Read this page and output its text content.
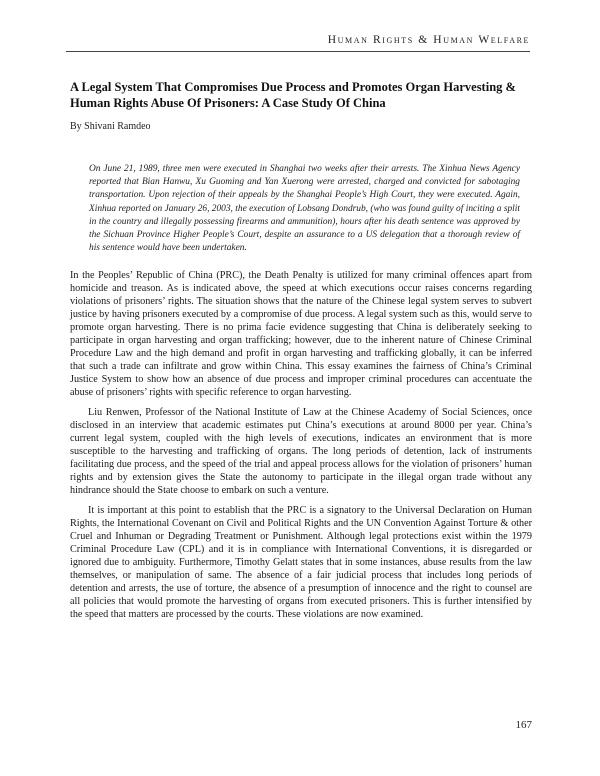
Human Rights & Human Welfare
A Legal System That Compromises Due Process and Promotes Organ Harvesting & Human Rights Abuse Of Prisoners: A Case Study Of China
By Shivani Ramdeo

On June 21, 1989, three men were executed in Shanghai two weeks after their arrests. The Xinhua News Agency reported that Bian Hanwu, Xu Guoming and Yan Xuerong were arrested, charged and convicted for sabotaging transportation. Upon rejection of their appeals by the Shanghai People’s High Court, they were executed. Again, Xinhua reported on January 26, 2003, the execution of Lobsang Dondrub, (who was found guilty of inciting a split in the country and illegally possessing firearms and ammunition), hours after his death sentence was approved by the Sichuan Province Higher People’s Court, despite an assurance to a US delegation that a thorough review of his sentence would have been undertaken.

In the Peoples’ Republic of China (PRC), the Death Penalty is utilized for many criminal offences apart from homicide and treason. As is indicated above, the speed at which executions occur raises concerns regarding violations of prisoners’ rights. The situation shows that the nature of the Chinese legal system serves to subvert justice by having prisoners executed by a compromise of due process. A legal system such as this, would serve to promote organ harvesting. There is no prima facie evidence suggesting that China is deliberately seeking to participate in organ harvesting and organ trafficking; however, due to the inherent nature of Chinese Criminal Procedure Law and the high demand and profit in organ harvesting and trafficking globally, it can be inferred that such a trade can infiltrate and grow within China. This essay examines the fairness of China’s Criminal Justice System to show how an absence of due process and improper criminal procedures can accentuate the abuse of prisoners’ rights with specific reference to organ harvesting.

Liu Renwen, Professor of the National Institute of Law at the Chinese Academy of Social Sciences, once disclosed in an interview that academic estimates put China’s executions at around 8000 per year. China’s current legal system, coupled with the high levels of executions, indicates an environment that is more susceptible to the harvesting and trafficking of organs. The long periods of detention, lack of instruments facilitating due process, and the speed of the trial and appeal process allows for the violation of prisoners’ human rights and by extension gives the State the autonomy to participate in the illegal organ trade without any hindrance should the State choose to embark on such a venture.

It is important at this point to establish that the PRC is a signatory to the Universal Declaration on Human Rights, the International Covenant on Civil and Political Rights and the UN Convention Against Torture & other Cruel and Inhuman or Degrading Treatment or Punishment. Although legal protections exist within the 1979 Criminal Procedure Law (CPL) and it is in compliance with International Conventions, it is disregarded or ignored due to ambiguity. Furthermore, Timothy Gelatt states that in some instances, abuse results from the law themselves, or manipulation of same. The absence of a fair judicial process that includes long periods of detention and arrests, the use of torture, the absence of a presumption of innocence and the right to counsel are all policies that would promote the harvesting of organs from executed prisoners. This is further intensified by the speed that matters are processed by the courts. These violations are now examined.

167
